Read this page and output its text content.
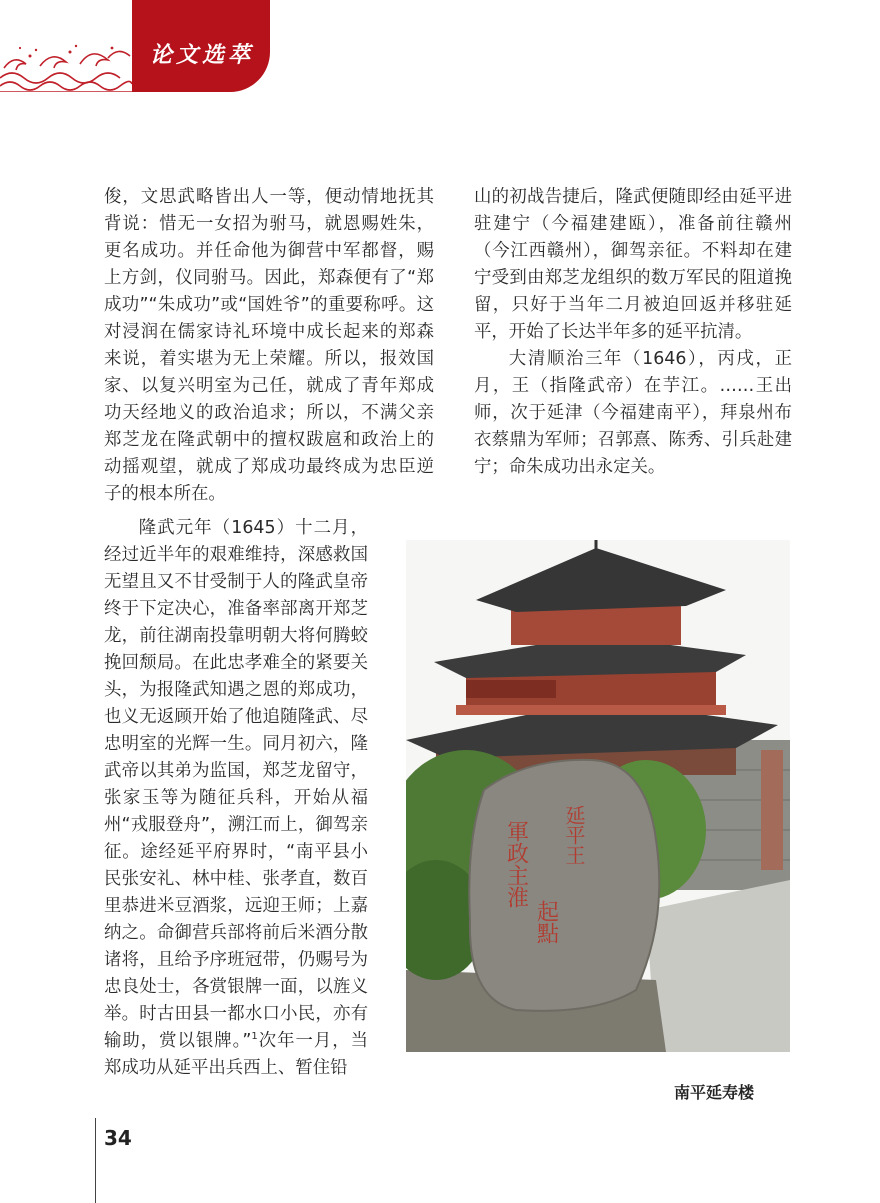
论文选萃

俊，文思武略皆出人一等，便动情地抚其背说：惜无一女招为驸马，就恩赐姓朱，更名成功。并任命他为御营中军都督，赐上方剑，仪同驸马。因此，郑森便有了“郑成功”“朱成功”或“国姓爷”的重要称呼。这对浸润在儒家诗礼环境中成长起来的郑森来说，着实堪为无上荣耀。所以，报效国家、以复兴明室为己任，就成了青年郑成功天经地义的政治追求；所以，不满父亲郑芝龙在隆武朝中的擅权跋扈和政治上的动摇观望，就成了郑成功最终成为忠臣逆子的根本所在。

隆武元年（1645）十二月，经过近半年的艰难维持，深感救国无望且又不甘受制于人的隆武皇帝终于下定决心，准备率部离开郑芝龙，前往湖南投靠明朝大将何腾蛟挽回颓局。在此忠孝难全的紧要关头，为报隆武知遇之恩的郑成功，也义无返顾开始了他追随隆武、尽忠明室的光辉一生。同月初六，隆武帝以其弟为监国，郑芝龙留守，张家玉等为随征兵科，开始从福州“戎服登舟”，溯江而上，御驾亲征。途经延平府界时，“南平县小民张安礼、林中桂、张孝直，数百里恭进米豆酒浆，远迎王师；上嘉纳之。命御营兵部将前后米酒分散诸将，且给予序班冠带，仍赐号为忠良处士，各赏银牌一面，以旌义举。时古田县一都水口小民，亦有输助，赏以银牌。”$^1$次年一月，当郑成功从延平出兵西上、暂住铅

山的初战告捷后，隆武便随即经由延平进驻建宁（今福建建瓯），准备前往赣州（今江西赣州），御驾亲征。不料却在建宁受到由郑芝龙组织的数万军民的阻道挽留，只好于当年二月被迫回返并移驻延平，开始了长达半年多的延平抗清。

大清顺治三年（1646），丙戌，正月，王（指隆武帝）在芋江。……王出师，次于延津（今福建南平），拜泉州布衣蔡鼎为军师；召郭熹、陈秀、引兵赴建宁；命朱成功出永定关。

延平王
軍政主淮
起點
南平延寿楼
34
